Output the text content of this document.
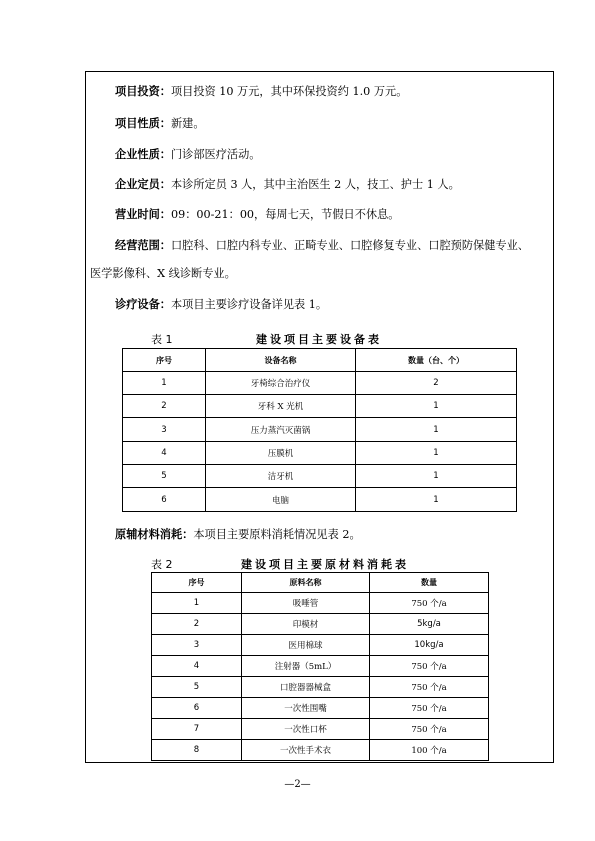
项目投资：项目投资 10 万元，其中环保投资约 1.0 万元。
项目性质：新建。
企业性质：门诊部医疗活动。
企业定员：本诊所定员 3 人，其中主治医生 2 人，技工、护士 1 人。
营业时间：09：00-21：00，每周七天，节假日不休息。
经营范围：口腔科、口腔内科专业、正畸专业、口腔修复专业、口腔预防保健专业、
医学影像科、X 线诊断专业。
诊疗设备：本项目主要诊疗设备详见表 1。
表 1	建设项目主要设备表
序号	设备名称	数量（台、个）
1	牙椅综合治疗仪	2
2	牙科 X 光机	1
3	压力蒸汽灭菌锅	1
4	压膜机	1
5	洁牙机	1
6	电脑	1
原辅材料消耗：本项目主要原料消耗情况见表 2。
表 2	建设项目主要原材料消耗表
序号	原料名称	数量
1	吸唾管	750 个/a
2	印模材	5kg/a
3	医用棉球	10kg/a
4	注射器（5mL）	750 个/a
5	口腔器器械盒	750 个/a
6	一次性围嘴	750 个/a
7	一次性口杯	750 个/a
8	一次性手术衣	100 个/a
—2—
